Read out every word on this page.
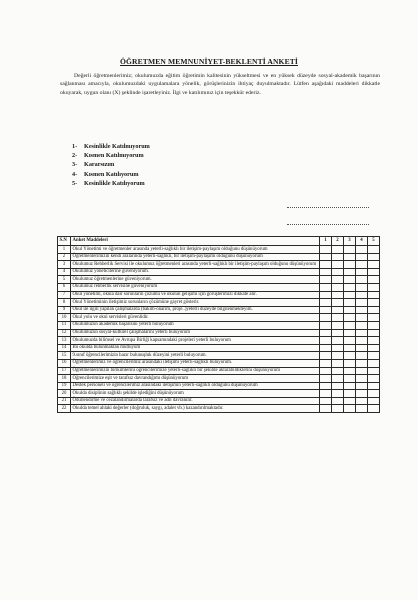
ÖĞRETMEN MEMNUNİYET-BEKLENTİ ANKETİ

Değerli öğretmenlerimiz; okulumuzda eğitim öğretimin kalitesinin yükseltmesi ve en yüksek düzeyde sosyal-akademik başarının sağlanması amacıyla, okulumuzdaki uygulamalara yönelik, görüşlerinizin ihtiyaç duyulmaktadır. Lütfen aşağıdaki maddeleri dikkatle okuyarak, uygun olanı (X) şeklinde işaretleyiniz. İlgi ve katılımınız için teşekkür ederiz.

1- Kesinlikle Katılmıyorum
2- Kısmen Katılmıyorum
3- Kararsızım
4- Kısmen Katılıyorum
5- Kesinlikle Katılıyorum
S.N	Anket Maddeleri	1	2	3	4	5
1	Okul Yönetimi ve öğretmenler arasında yeterli-sağlıklı bir iletişim-paylaşım olduğunu düşünüyorum					
2	Öğretmenlerimizin kendi aralarında yeterli-sağlıklı, bir iletişim-paylaşımı olduğunu düşünüyorum					
3	Okulumuz Rehberlik Servisi ile okulumuz öğretmenleri arasında yeterli-sağlıklı bir iletişim-paylaşım olduğunu düşünüyorum					
4	Okulumuz yöneticilerine güveniyorum.					
5	Okulumuz öğretmenlerine güveniyorum.					
6	Okulumuz rehberlik servisine güveniyorum					
7	Okul yönetimi, okula dair sorunların çözümü ve okulun gelişimi için görüşlerimizi dikkate alır.					
8	Okul Yönetiminin iletişimiz sorunların çözümüne gayret gösterir.					
9	Okul ile ilgili yapılan çalışmalarda (bakım-onarım, proje..)yeterli düzeyde bilgilenmekteyim.					
10	Okul yolu ve okul servisleri güvenlidir.					
11	Okulumuzun akademik başarısını yeterli buluyorum					
12	Okulumuzun sosyal-kültürel çalışmalarını yeterli buluyorum					
13	Okulumuzda bilimsel ve Avrupa Birliği kapsamındaki projeleri yeterli buluyorum					
14	Bu okulda bulunmaktan mutluyum					
15	9.sınıf öğrencilerimizin hazır bulunuşluk düzeyini yeterli buluyorum.					
16	Öğretmenlerimiz ve öğrencilerimiz arasındaki iletişimi yeterli-sağlıklı buluyorum.					
17	Öğretmenlerimizin birikimlerini öğrencilerimize yeterli-sağlıklı bir şekilde aktarabildiklerini düşünüyorum					
18	Öğrencilerimize eşit ve tarafsız davrandığımı düşünüyorum					
19	Destek personeli ve öğrencilerimiz arasındaki iletişimin yeterli-sağlıklı olduğunu düşünüyorum					
20	Okulda disiplinin sağlıklı şekilde işlediğini düşünüyorum					
21	Ödüllendirme ve cezalandırmalarda tarafsız ve adil davranılır.					
22	Okulda temel ahlaki değerler (doğruluk, saygı, adalet vb.) kazandırılmaktadır.					
